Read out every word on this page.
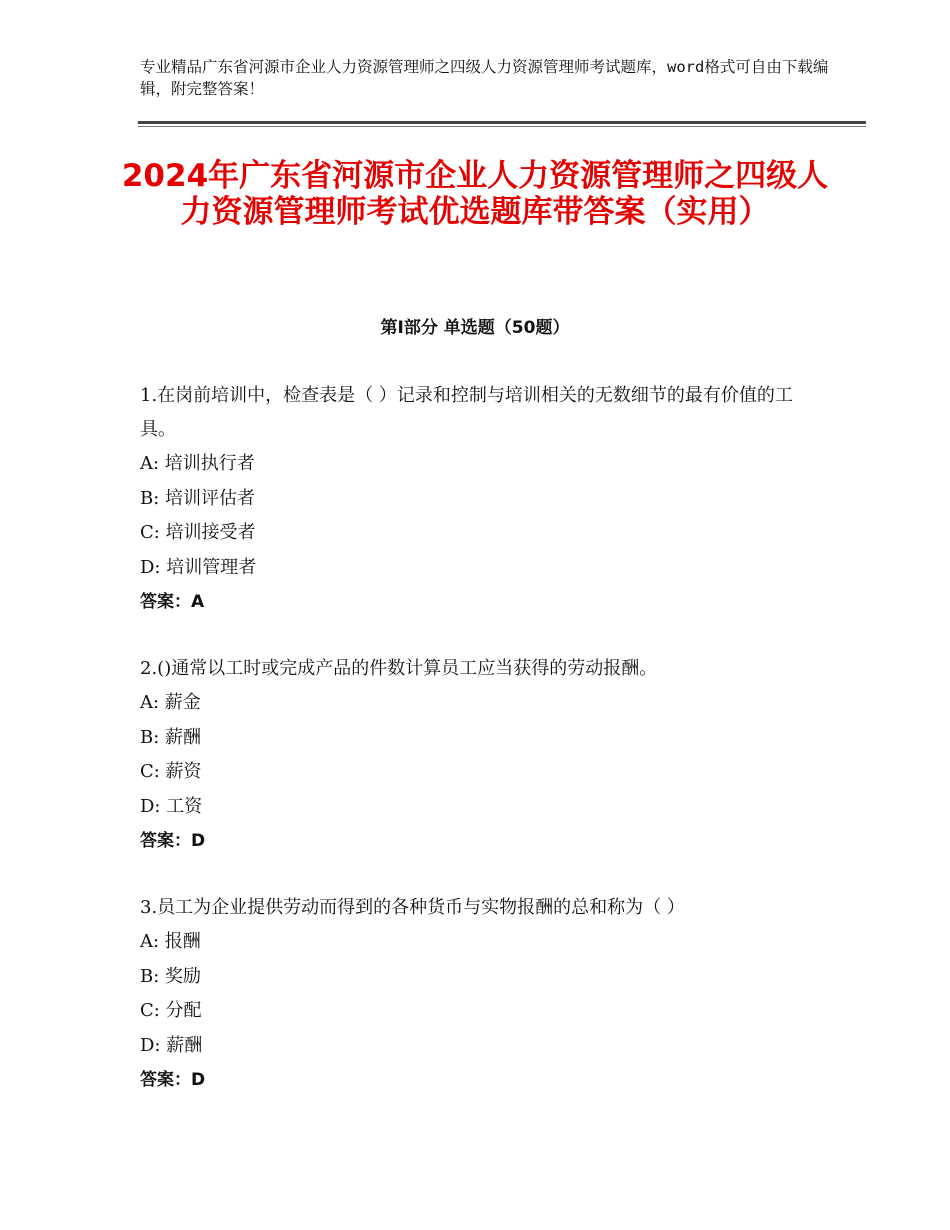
专业精品广东省河源市企业人力资源管理师之四级人力资源管理师考试题库，word格式可自由下载编辑，附完整答案！
2024年广东省河源市企业人力资源管理师之四级人力资源管理师考试优选题库带答案（实用）
第Ⅰ部分 单选题（50题）

1.在岗前培训中，检查表是（ ）记录和控制与培训相关的无数细节的最有价值的工具。

A: 培训执行者

B: 培训评估者

C: 培训接受者

D: 培训管理者

答案：A

2.()通常以工时或完成产品的件数计算员工应当获得的劳动报酬。

A: 薪金

B: 薪酬

C: 薪资

D: 工资

答案：D

3.员工为企业提供劳动而得到的各种货币与实物报酬的总和称为（ ）

A: 报酬

B: 奖励

C: 分配

D: 薪酬

答案：D
